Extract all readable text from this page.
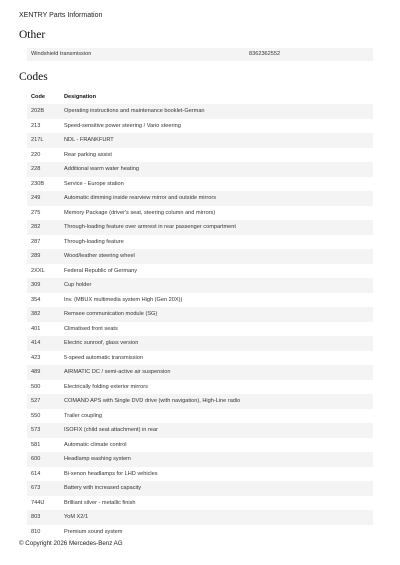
XENTRY Parts Information
Other
Windshield transmission	8362362552
Codes
Code	Designation
202B	Operating instructions and maintenance booklet-German
213	Speed-sensitive power steering / Vario steering
217L	NDL - FRANKFURT
220	Rear parking assist
228	Additional warm water heating
230B	Service - Europe station
249	Automatic dimming inside rearview mirror and outside mirrors
275	Memory Package (driver's seat, steering column and mirrors)
282	Through-loading feature over armrest in rear passenger compartment
287	Through-loading feature
289	Wood/leather steering wheel
2XXL	Federal Republic of Germany
309	Cup holder
354	Inv. (MBUX multimedia system High (Gen 20X))
382	Remsee communication module (SG)
401	Climatised front seats
414	Electric sunroof, glass version
423	5-speed automatic transmission
489	AIRMATIC DC / semi-active air suspension
500	Electrically folding exterior mirrors
527	COMAND APS with Single DVD drive (with navigation), High-Line radio
550	Trailer coupling
573	ISOFIX (child seat attachment) in rear
581	Automatic climate control
600	Headlamp washing system
614	Bi-xenon headlamps for LHD vehicles
673	Battery with increased capacity
744U	Brilliant silver - metallic finish
803	YoM X2/1
810	Premium sound system
© Copyright 2026 Mercedes-Benz AG
